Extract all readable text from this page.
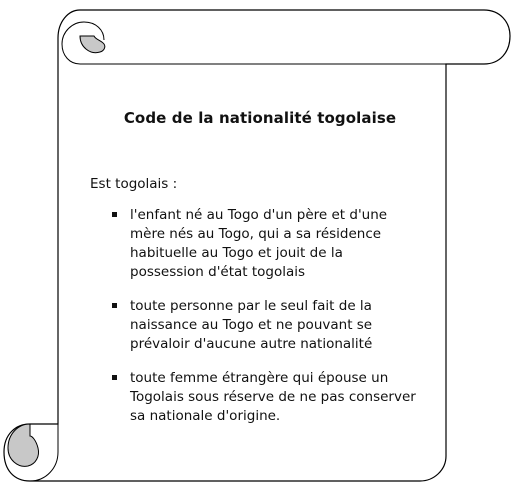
Code de la nationalité togolaise
Est togolais :
l'enfant né au Togo d'un père et d'une
mère nés au Togo, qui a sa résidence
habituelle au Togo et jouit de la
possession d'état togolais
toute personne par le seul fait de la
naissance au Togo et ne pouvant se
prévaloir d'aucune autre nationalité
toute femme étrangère qui épouse un
Togolais sous réserve de ne pas conserver
sa nationale d'origine.
